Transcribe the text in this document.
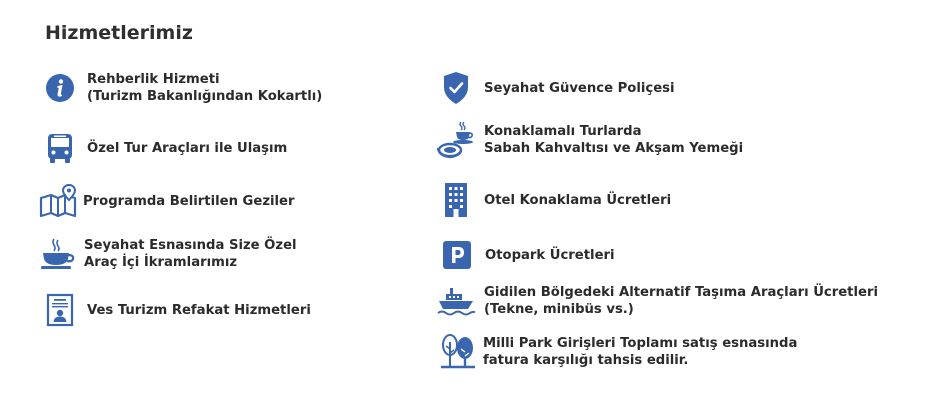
Hizmetlerimiz
Rehberlik Hizmeti
(Turizm Bakanlığından Kokartlı)
Özel Tur Araçları ile Ulaşım
Programda Belirtilen Geziler
Seyahat Esnasında Size Özel
Araç İçi İkramlarımız
Ves Turizm Refakat Hizmetleri
Seyahat Güvence Poliçesi
Konaklamalı Turlarda
Sabah Kahvaltısı ve Akşam Yemeği
Otel Konaklama Ücretleri
Otopark Ücretleri
Gidilen Bölgedeki Alternatif Taşıma Araçları Ücretleri
(Tekne, minibüs vs.)
Milli Park Girişleri Toplamı satış esnasında
fatura karşılığı tahsis edilir.
